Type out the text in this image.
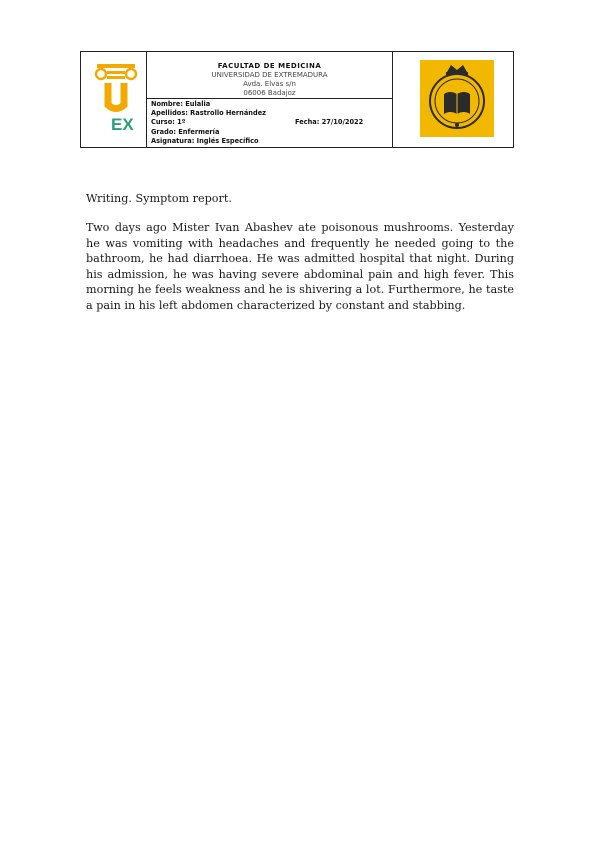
EX
FACULTAD DE MEDICINA
UNIVERSIDAD DE EXTREMADURA
Avda. Elvas s/n
06006 Badajoz
Nombre: Eulalia
Apellidos: Rastrollo Hernández
Curso: 1º	Fecha: 27/10/2022
Grado: Enfermería
Asignatura: Inglés Específico
Writing. Symptom report.

Two days ago Mister Ivan Abashev ate poisonous mushrooms. Yesterday he was vomiting with headaches and frequently he needed going to the bathroom, he had diarrhoea. He was admitted hospital that night. During his admission, he was having severe abdominal pain and high fever. This morning he feels weakness and he is shivering a lot. Furthermore, he taste a pain in his left abdomen characterized by constant and stabbing.
